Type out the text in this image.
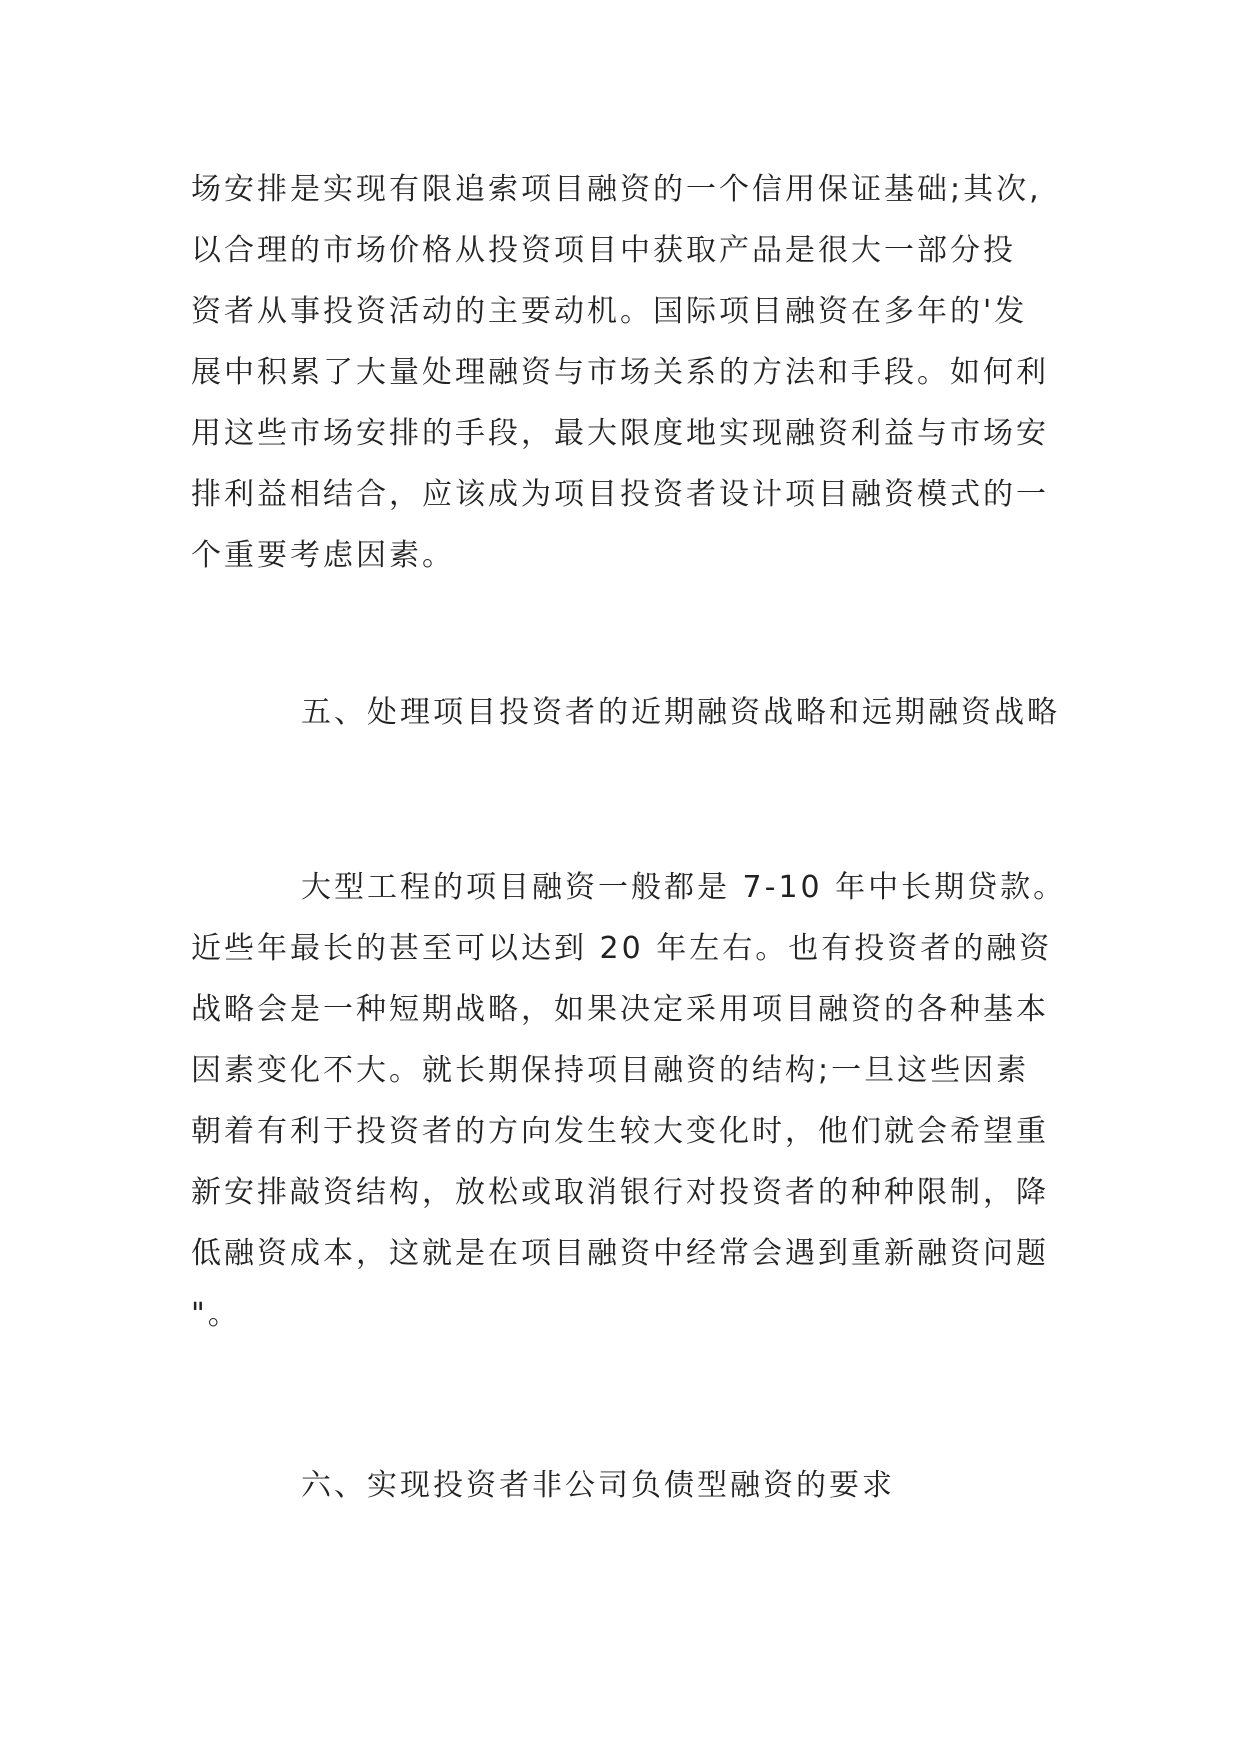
场安排是实现有限追索项目融资的一个信用保证基础;其次,
以合理的市场价格从投资项目中获取产品是很大一部分投
资者从事投资活动的主要动机。国际项目融资在多年的'发
展中积累了大量处理融资与市场关系的方法和手段。如何利
用这些市场安排的手段，最大限度地实现融资利益与市场安
排利益相结合，应该成为项目投资者设计项目融资模式的一
个重要考虑因素。
五、处理项目投资者的近期融资战略和远期融资战略
大型工程的项目融资一般都是 7-10 年中长期贷款。
近些年最长的甚至可以达到 20 年左右。也有投资者的融资
战略会是一种短期战略，如果决定采用项目融资的各种基本
因素变化不大。就长期保持项目融资的结构;一旦这些因素
朝着有利于投资者的方向发生较大变化时，他们就会希望重
新安排敲资结构，放松或取消银行对投资者的种种限制，降
低融资成本，这就是在项目融资中经常会遇到重新融资问题
"。
六、实现投资者非公司负债型融资的要求
